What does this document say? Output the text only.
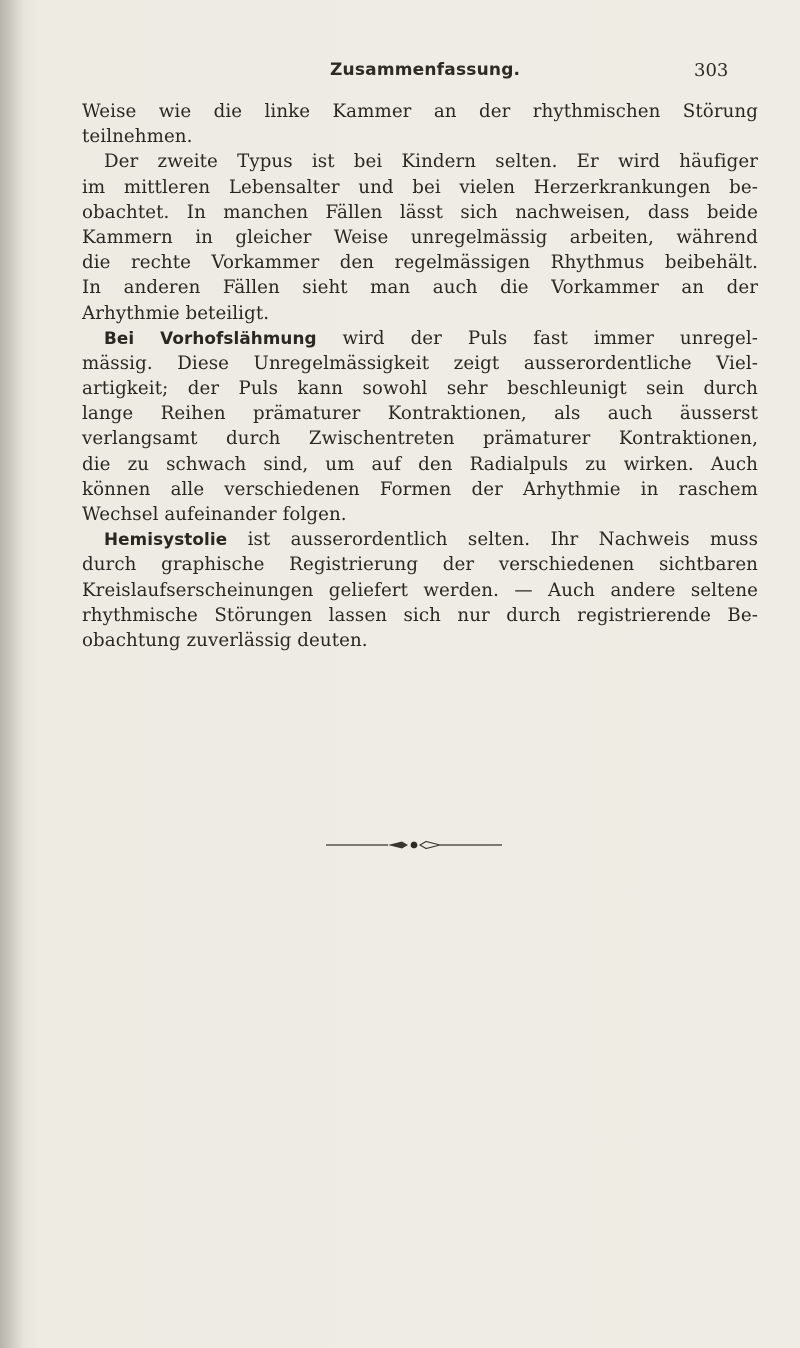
Zusammenfassung.	303
Weise wie die linke Kammer an der rhythmischen Störung
teilnehmen.
Der zweite Typus ist bei Kindern selten. Er wird häufiger
im mittleren Lebensalter und bei vielen Herzerkrankungen be-
obachtet. In manchen Fällen lässt sich nachweisen, dass beide
Kammern in gleicher Weise unregelmässig arbeiten, während
die rechte Vorkammer den regelmässigen Rhythmus beibehält.
In anderen Fällen sieht man auch die Vorkammer an der
Arhythmie beteiligt.
Bei Vorhofslähmung wird der Puls fast immer unregel-
mässig. Diese Unregelmässigkeit zeigt ausserordentliche Viel-
artigkeit; der Puls kann sowohl sehr beschleunigt sein durch
lange Reihen prämaturer Kontraktionen, als auch äusserst
verlangsamt durch Zwischentreten prämaturer Kontraktionen,
die zu schwach sind, um auf den Radialpuls zu wirken. Auch
können alle verschiedenen Formen der Arhythmie in raschem
Wechsel aufeinander folgen.
Hemisystolie ist ausserordentlich selten. Ihr Nachweis muss
durch graphische Registrierung der verschiedenen sichtbaren
Kreislaufserscheinungen geliefert werden. — Auch andere seltene
rhythmische Störungen lassen sich nur durch registrierende Be-
obachtung zuverlässig deuten.
